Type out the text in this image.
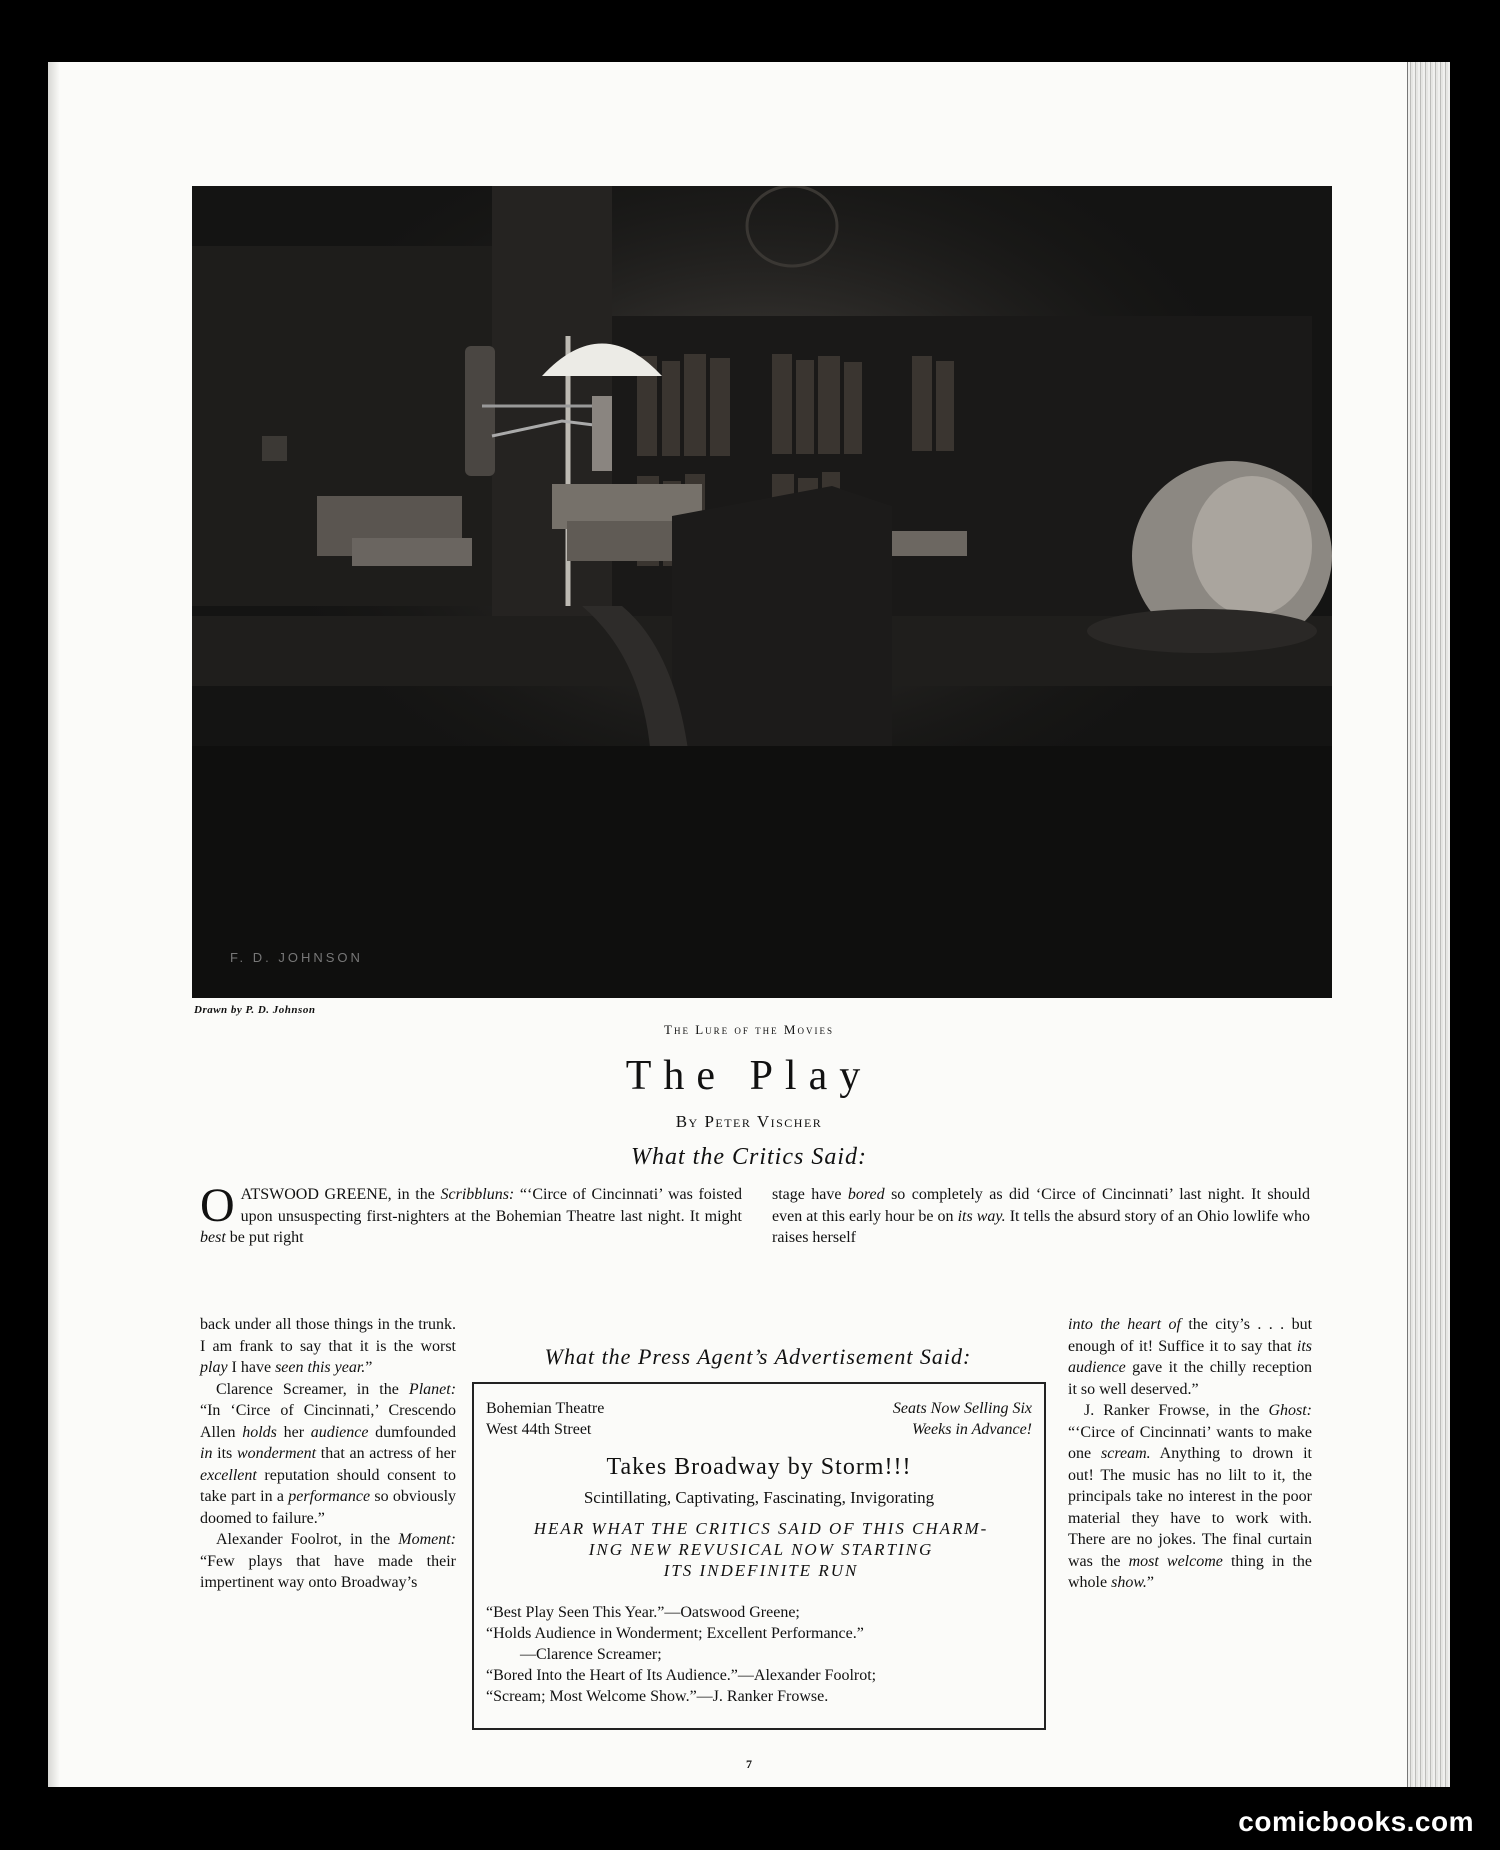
F. D. JOHNSON
Drawn by P. D. Johnson
The Lure of the Movies
The Play
By Peter Vischer
What the Critics Said:
OATSWOOD GREENE, in the Scribbluns: “‘Circe of Cincinnati’ was foisted upon unsuspecting first-nighters at the Bohemian Theatre last night. It might best be put right
stage have bored so completely as did ‘Circe of Cincinnati’ last night. It should even at this early hour be on its way. It tells the absurd story of an Ohio lowlife who raises herself

back under all those things in the trunk. I am frank to say that it is the worst play I have seen this year.”

Clarence Screamer, in the Planet: “In ‘Circe of Cincinnati,’ Crescendo Allen holds her audience dumfounded in its wonderment that an actress of her excellent reputation should consent to take part in a performance so obviously doomed to failure.”

Alexander Foolrot, in the Moment: “Few plays that have made their impertinent way onto Broadway’s

into the heart of the city’s . . . but enough of it! Suffice it to say that its audience gave it the chilly reception it so well deserved.”

J. Ranker Frowse, in the Ghost: “‘Circe of Cincinnati’ wants to make one scream. Anything to drown it out! The music has no lilt to it, the principals take no interest in the poor material they have to work with. There are no jokes. The final curtain was the most welcome thing in the whole show.”

What the Press Agent’s Advertisement Said:
Bohemian Theatre
West 44th Street
Seats Now Selling Six
Weeks in Advance!
Takes Broadway by Storm!!!
Scintillating, Captivating, Fascinating, Invigorating
HEAR WHAT THE CRITICS SAID OF THIS CHARM-
ING NEW REVUSICAL NOW STARTING
ITS INDEFINITE RUN
“Best Play Seen This Year.”—Oatswood Greene;
“Holds Audience in Wonderment; Excellent Performance.”
—Clarence Screamer;
“Bored Into the Heart of Its Audience.”—Alexander Foolrot;
“Scream; Most Welcome Show.”—J. Ranker Frowse.
7
comicbooks.com
